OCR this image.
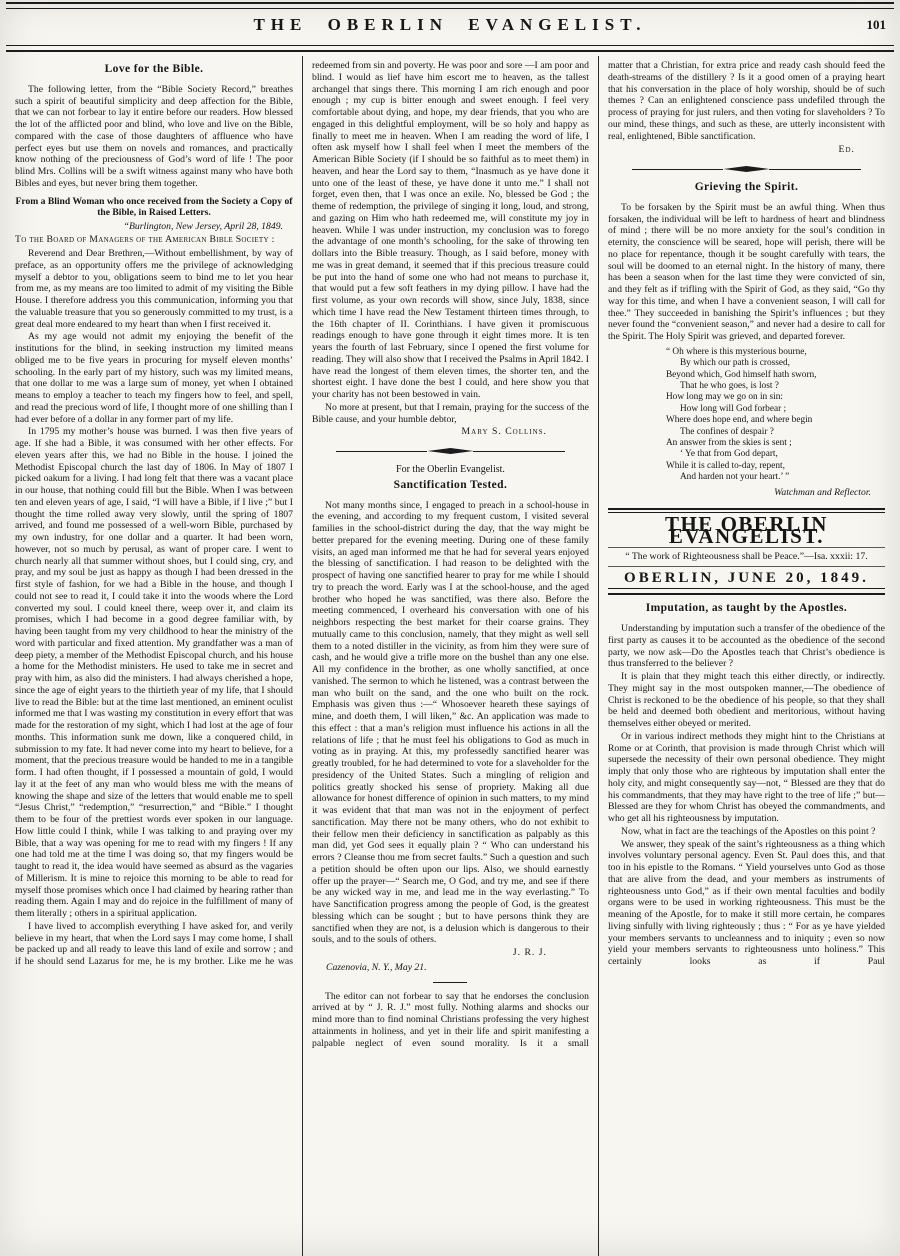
THE OBERLIN EVANGELIST.	101
Love for the Bible.

The following letter, from the “Bible Society Record,” breathes such a spirit of beautiful simplicity and deep affection for the Bible, that we can not forbear to lay it entire before our readers. How blessed the lot of the afflicted poor and blind, who love and live on the Bible, compared with the case of those daughters of affluence who have perfect eyes but use them on novels and romances, and practically know nothing of the preciousness of God’s word of life ! The poor blind Mrs. Collins will be a swift witness against many who have both Bibles and eyes, but never bring them together.

From a Blind Woman who once received from the Society a Copy of the Bible, in Raised Letters.
“Burlington, New Jersey, April 28, 1849.
To the Board of Managers of the American Bible Society :

Reverend and Dear Brethren,—Without embellishment, by way of preface, as an opportunity offers me the privilege of acknowledging myself a debtor to you, obligations seem to bind me to let you hear from me, as my means are too limited to admit of my visiting the Bible House. I therefore address you this communication, informing you that the valuable treasure that you so generously committed to my trust, is a great deal more endeared to my heart than when I first received it.

As my age would not admit my enjoying the benefit of the institutions for the blind, in seeking instruction my limited means obliged me to be five years in procuring for myself eleven months’ schooling. In the early part of my history, such was my limited means, that one dollar to me was a large sum of money, yet when I obtained means to employ a teacher to teach my fingers how to feel, and spell, and read the precious word of life, I thought more of one shilling than I had ever before of a dollar in any former part of my life.

In 1795 my mother’s house was burned. I was then five years of age. If she had a Bible, it was consumed with her other effects. For eleven years after this, we had no Bible in the house. I joined the Methodist Episcopal church the last day of 1806. In May of 1807 I picked oakum for a living. I had long felt that there was a vacant place in our house, that nothing could fill but the Bible. When I was between ten and eleven years of age, I said, “I will have a Bible, if I live ;” but I thought the time rolled away very slowly, until the spring of 1807 arrived, and found me possessed of a well-worn Bible, purchased by my own industry, for one dollar and a quarter. It had been worn, however, not so much by perusal, as want of proper care. I went to church nearly all that summer without shoes, but I could sing, cry, and pray, and my soul be just as happy as though I had been dressed in the first style of fashion, for we had a Bible in the house, and though I could not see to read it, I could take it into the woods where the Lord converted my soul. I could kneel there, weep over it, and claim its promises, which I had become in a good degree familiar with, by having been taught from my very childhood to hear the ministry of the word with particular and fixed attention. My grandfather was a man of deep piety, a member of the Methodist Episcopal church, and his house a home for the Methodist ministers. He used to take me in secret and pray with him, as also did the ministers. I had always cherished a hope, since the age of eight years to the thirtieth year of my life, that I should live to read the Bible: but at the time last mentioned, an eminent oculist informed me that I was wasting my constitution in every effort that was made for the restoration of my sight, which I had lost at the age of four months. This information sunk me down, like a conquered child, in submission to my fate. It had never come into my heart to believe, for a moment, that the precious treasure would be handed to me in a tangible form. I had often thought, if I possessed a mountain of gold, I would lay it at the feet of any man who would bless me with the means of knowing the shape and size of the letters that would enable me to spell “Jesus Christ,” “redemption,” “resurrection,” and “Bible.” I thought them to be four of the prettiest words ever spoken in our language. How little could I think, while I was talking to and praying over my Bible, that a way was opening for me to read with my fingers ! If any one had told me at the time I was doing so, that my fingers would be taught to read it, the idea would have seemed as absurd as the vagaries of Millerism. It is mine to rejoice this morning to be able to read for myself those promises which once I had claimed by hearing rather than reading them. Again I may and do rejoice in the fulfillment of many of them literally ; others in a spiritual application.

I have lived to accomplish everything I have asked for, and verily believe in my heart, that when the Lord says I may come home, I shall be packed up and all ready to leave this land of exile and sorrow ; and if he should send Lazarus for me, he is my brother. Like me he was

redeemed from sin and poverty. He was poor and sore —I am poor and blind. I would as lief have him escort me to heaven, as the tallest archangel that sings there. This morning I am rich enough and poor enough ; my cup is bitter enough and sweet enough. I feel very comfortable about dying, and hope, my dear friends, that you who are engaged in this delightful employment, will be so holy and happy as finally to meet me in heaven. When I am reading the word of life, I often ask myself how I shall feel when I meet the members of the American Bible Society (if I should be so faithful as to meet them) in heaven, and hear the Lord say to them, “Inasmuch as ye have done it unto one of the least of these, ye have done it unto me.” I shall not forget, even then, that I was once an exile. No, blessed be God ; the theme of redemption, the privilege of singing it long, loud, and strong, and gazing on Him who hath redeemed me, will constitute my joy in heaven. While I was under instruction, my conclusion was to forego the advantage of one month’s schooling, for the sake of throwing ten dollars into the Bible treasury. Though, as I said before, money with me was in great demand, it seemed that if this precious treasure could be put into the hand of some one who had not means to purchase it, that would put a few soft feathers in my dying pillow. I have had the first volume, as your own records will show, since July, 1838, since which time I have read the New Testament thirteen times through, to the 16th chapter of II. Corinthians. I have given it promiscuous readings enough to have gone through it eight times more. It is ten years the fourth of last February, since I opened the first volume for reading. They will also show that I received the Psalms in April 1842. I have read the longest of them eleven times, the shorter ten, and the shortest eight. I have done the best I could, and here show you that your charity has not been bestowed in vain.

No more at present, but that I remain, praying for the success of the Bible cause, and your humble debtor,

Mary S. Collins.
For the Oberlin Evangelist.
Sanctification Tested.

Not many months since, I engaged to preach in a school-house in the evening, and according to my frequent custom, I visited several families in the school-district during the day, that the way might be better prepared for the evening meeting. During one of these family visits, an aged man informed me that he had for several years enjoyed the blessing of sanctification. I had reason to be delighted with the prospect of having one sanctified hearer to pray for me while I should try to preach the word. Early was I at the school-house, and the aged brother who hoped he was sanctified, was there also. Before the meeting commenced, I overheard his conversation with one of his neighbors respecting the best market for their coarse grains. They mutually came to this conclusion, namely, that they might as well sell them to a noted distiller in the vicinity, as from him they were sure of cash, and he would give a trifle more on the bushel than any one else. All my confidence in the brother, as one wholly sanctified, at once vanished. The sermon to which he listened, was a contrast between the man who built on the sand, and the one who built on the rock. Emphasis was given thus :—“ Whosoever heareth these sayings of mine, and doeth them, I will liken,” &c. An application was made to this effect : that a man’s religion must influence his actions in all the relations of life ; that he must feel his obligations to God as much in voting as in praying. At this, my professedly sanctified hearer was greatly troubled, for he had determined to vote for a slaveholder for the presidency of the United States. Such a mingling of religion and politics greatly shocked his sense of propriety. Making all due allowance for honest difference of opinion in such matters, to my mind it was evident that that man was not in the enjoyment of perfect sanctification. May there not be many others, who do not exhibit to their fellow men their deficiency in sanctification as palpably as this man did, yet God sees it equally plain ? “ Who can understand his errors ? Cleanse thou me from secret faults.” Such a question and such a petition should be often upon our lips. Also, we should earnestly offer up the prayer—“ Search me, O God, and try me, and see if there be any wicked way in me, and lead me in the way everlasting.” To have Sanctification progress among the people of God, is the greatest blessing which can be sought ; but to have persons think they are sanctified when they are not, is a delusion which is dangerous to their souls, and to the souls of others.

J. R. J.
Cazenovia, N. Y., May 21.

The editor can not forbear to say that he endorses the conclusion arrived at by “ J. R. J.” most fully. Nothing alarms and shocks our mind more than to find nominal Christians professing the very highest attainments in holiness, and yet in their life and spirit manifesting a palpable neglect of even sound morality. Is it a small

matter that a Christian, for extra price and ready cash should feed the death-streams of the distillery ? Is it a good omen of a praying heart that his conversation in the place of holy worship, should be of such themes ? Can an enlightened conscience pass undefiled through the process of praying for just rulers, and then voting for slaveholders ? To our mind, these things, and such as these, are utterly inconsistent with real, enlightened, Bible sanctification.

Ed.
Grieving the Spirit.

To be forsaken by the Spirit must be an awful thing. When thus forsaken, the individual will be left to hardness of heart and blindness of mind ; there will be no more anxiety for the soul’s condition in eternity, the conscience will be seared, hope will perish, there will be no place for repentance, though it be sought carefully with tears, the soul will be doomed to an eternal night. In the history of many, there has been a season when for the last time they were convicted of sin, and they felt as if trifling with the Spirit of God, as they said, “Go thy way for this time, and when I have a convenient season, I will call for thee.” They succeeded in banishing the Spirit’s influences ; but they never found the “convenient season,” and never had a desire to call for the Spirit. The Holy Spirit was grieved, and departed forever.

“ Oh where is this mysterious bourne,
By which our path is crossed,
Beyond which, God himself hath sworn,
That he who goes, is lost ?
How long may we go on in sin:
How long will God forbear ;
Where does hope end, and where begin
The confines of despair ?
An answer from the skies is sent ;
‘ Ye that from God depart,
While it is called to-day, repent,
And harden not your heart.’ ”
Watchman and Reflector.
THE OBERLIN EVANGELIST.
“ The work of Righteousness shall be Peace.”—Isa. xxxii: 17.
OBERLIN, JUNE 20, 1849.
Imputation, as taught by the Apostles.

Understanding by imputation such a transfer of the obedience of the first party as causes it to be accounted as the obedience of the second party, we now ask—Do the Apostles teach that Christ’s obedience is thus transferred to the believer ?

It is plain that they might teach this either directly, or indirectly. They might say in the most outspoken manner,—The obedience of Christ is reckoned to be the obedience of his people, so that they shall be held and deemed both obedient and meritorious, without having themselves either obeyed or merited.

Or in various indirect methods they might hint to the Christians at Rome or at Corinth, that provision is made through Christ which will supersede the necessity of their own personal obedience. They might imply that only those who are righteous by imputation shall enter the holy city, and might consequently say—not, “ Blessed are they that do his commandments, that they may have right to the tree of life ;” but—Blessed are they for whom Christ has obeyed the commandments, and who get all his righteousness by imputation.

Now, what in fact are the teachings of the Apostles on this point ?

We answer, they speak of the saint’s righteousness as a thing which involves voluntary personal agency. Even St. Paul does this, and that too in his epistle to the Romans. “ Yield yourselves unto God as those that are alive from the dead, and your members as instruments of righteousness unto God,” as if their own mental faculties and bodily organs were to be used in working righteousness. This must be the meaning of the Apostle, for to make it still more certain, he compares living sinfully with living righteously ; thus : “ For as ye have yielded your members servants to uncleanness and to iniquity ; even so now yield your members servants to righteousness unto holiness.” This certainly looks as if Paul
